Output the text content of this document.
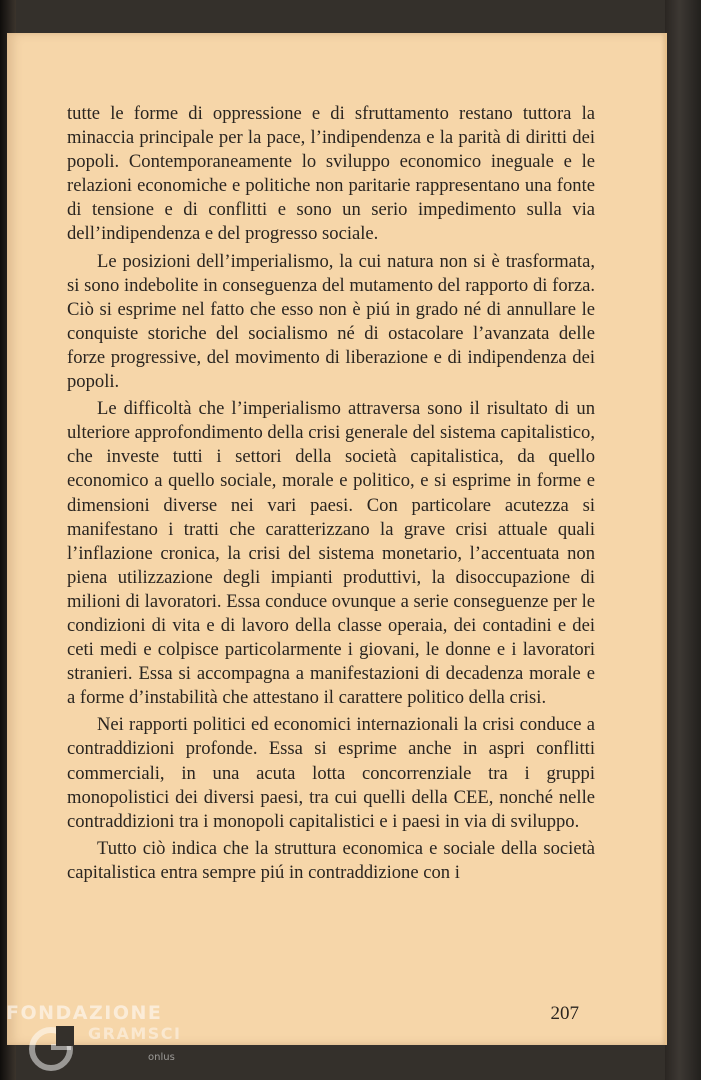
tutte le forme di oppressione e di sfruttamento restano tuttora la minaccia principale per la pace, l’indipendenza e la parità di diritti dei popoli. Contemporaneamente lo sviluppo economico ineguale e le relazioni economiche e politiche non paritarie rappresentano una fonte di tensione e di conflitti e sono un serio impedimento sulla via dell’indipendenza e del progresso sociale.

Le posizioni dell’imperialismo, la cui natura non si è trasformata, si sono indebolite in conseguenza del mutamento del rapporto di forza. Ciò si esprime nel fatto che esso non è piú in grado né di annullare le conquiste storiche del socialismo né di ostacolare l’avanzata delle forze progressive, del movimento di liberazione e di indipendenza dei popoli.

Le difficoltà che l’imperialismo attraversa sono il risultato di un ulteriore approfondimento della crisi generale del sistema capitalistico, che investe tutti i settori della società capitalistica, da quello economico a quello sociale, morale e politico, e si esprime in forme e dimensioni diverse nei vari paesi. Con particolare acutezza si manifestano i tratti che caratterizzano la grave crisi attuale quali l’inflazione cronica, la crisi del sistema monetario, l’accentuata non piena utilizzazione degli impianti produttivi, la disoccupazione di milioni di lavoratori. Essa conduce ovunque a serie conseguenze per le condizioni di vita e di lavoro della classe operaia, dei contadini e dei ceti medi e colpisce particolarmente i giovani, le donne e i lavoratori stranieri. Essa si accompagna a manifestazioni di decadenza morale e a forme d’instabilità che attestano il carattere politico della crisi.

Nei rapporti politici ed economici internazionali la crisi conduce a contraddizioni profonde. Essa si esprime anche in aspri conflitti commerciali, in una acuta lotta concorrenziale tra i gruppi monopolistici dei diversi paesi, tra cui quelli della CEE, nonché nelle contraddizioni tra i monopoli capitalistici e i paesi in via di sviluppo.

Tutto ciò indica che la struttura economica e sociale della società capitalistica entra sempre piú in contraddizione con i

207
FONDAZIONE
GRAMSCI
onlus
